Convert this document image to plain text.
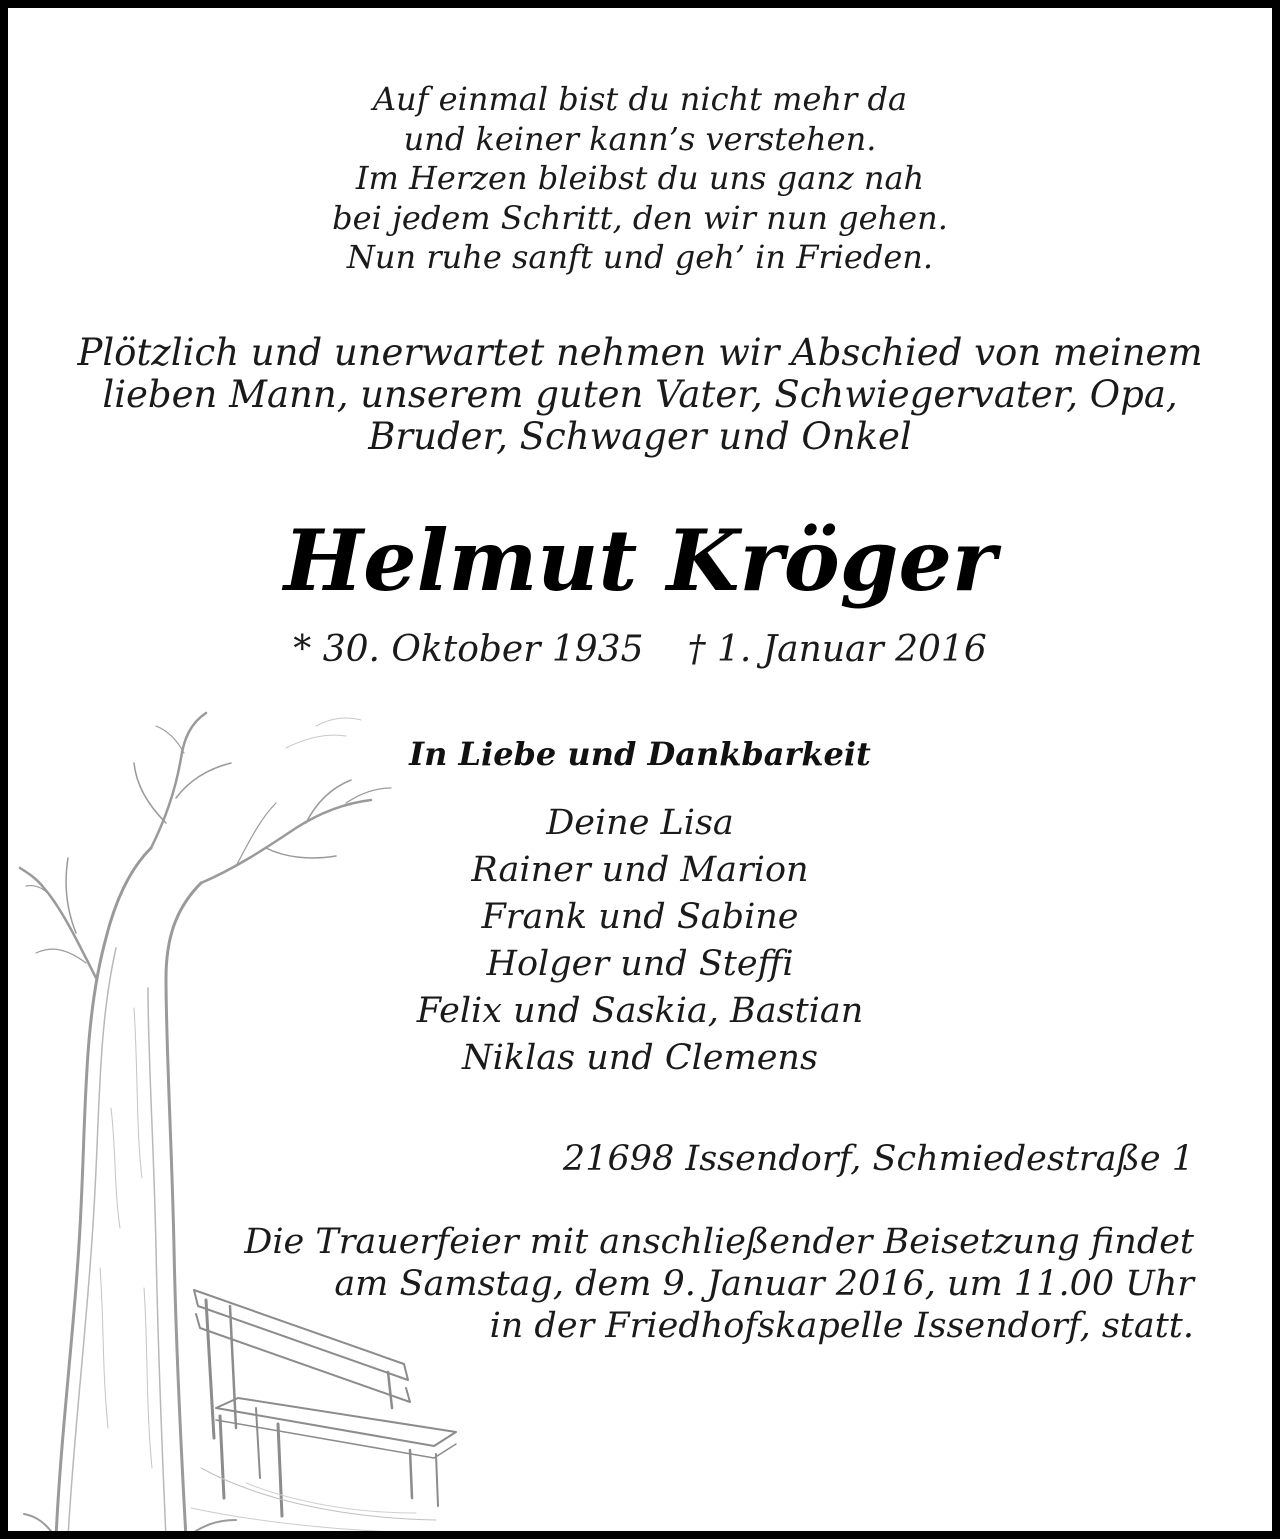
Auf einmal bist du nicht mehr da
und keiner kann’s verstehen.
Im Herzen bleibst du uns ganz nah
bei jedem Schritt, den wir nun gehen.
Nun ruhe sanft und geh’ in Frieden.
Plötzlich und unerwartet nehmen wir Abschied von meinem
lieben Mann, unserem guten Vater, Schwiegervater, Opa,
Bruder, Schwager und Onkel
Helmut Kröger
* 30. Oktober 1935 † 1. Januar 2016
In Liebe und Dankbarkeit
Deine Lisa
Rainer und Marion
Frank und Sabine
Holger und Steffi
Felix und Saskia, Bastian
Niklas und Clemens
21698 Issendorf, Schmiedestraße 1
Die Trauerfeier mit anschließender Beisetzung findet
am Samstag, dem 9. Januar 2016, um 11.00 Uhr
in der Friedhofskapelle Issendorf, statt.
